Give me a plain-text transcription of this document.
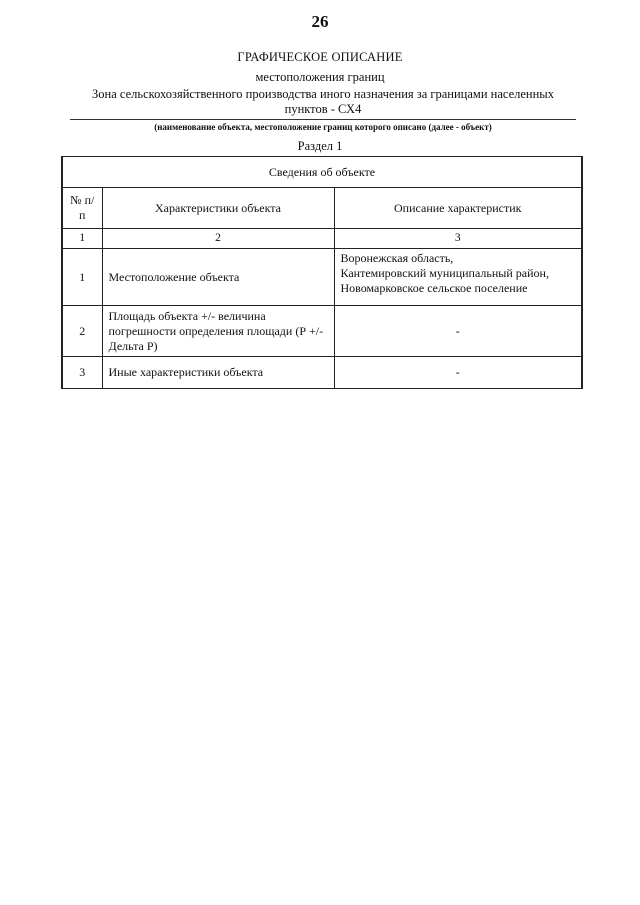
26
ГРАФИЧЕСКОЕ ОПИСАНИЕ
местоположения границ
Зона сельскохозяйственного производства иного назначения за границами населенных
пунктов - СХ4
(наименование объекта, местоположение границ которого описано (далее - объект)
Раздел 1
Сведения об объекте		
№ п/п	Характеристики объекта	Описание характеристик
1	2	3
1	Местоположение объекта	Воронежская область,
Кантемировский муниципальный район,
Новомарковское сельское поселение

2	Площадь объекта +/- величина погрешности определения площади (Р +/- Дельта Р)	-
3	Иные характеристики объекта	-
